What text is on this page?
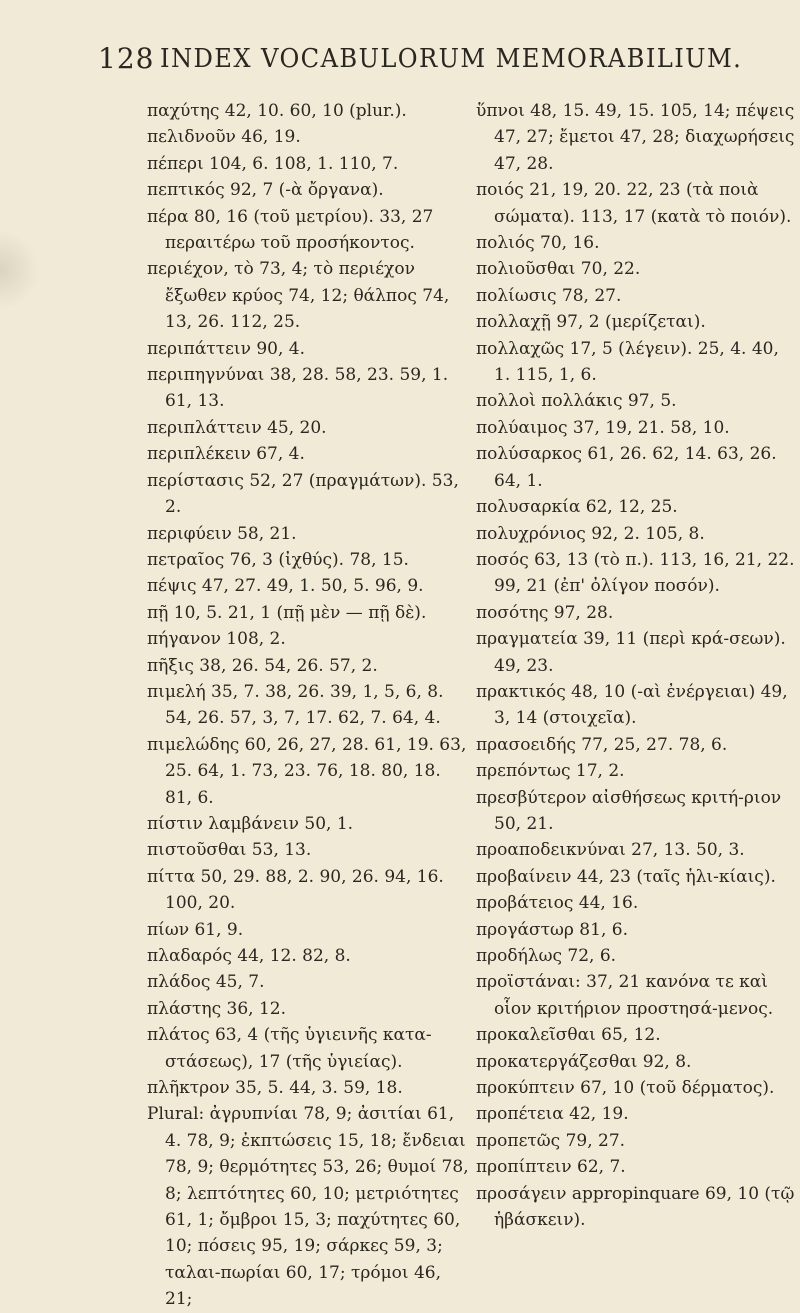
128 INDEX VOCABULORUM MEMORABILIUM.
παχύτης 42, 10. 60, 10 (plur.).
πελιδνοῦν 46, 19.
πέπερι 104, 6. 108, 1. 110, 7.
πεπτικός 92, 7 (-ὰ ὄργανα).
πέρα 80, 16 (τοῦ μετρίου). 33, 27 περαιτέρω τοῦ προσήκοντος.
περιέχον, τὸ 73, 4; τὸ περιέχον ἔξωθεν κρύος 74, 12; θάλπος 74, 13, 26. 112, 25.
περιπάττειν 90, 4.
περιπηγνύναι 38, 28. 58, 23. 59, 1. 61, 13.
περιπλάττειν 45, 20.
περιπλέκειν 67, 4.
περίστασις 52, 27 (πραγμάτων). 53, 2.
περιφύειν 58, 21.
πετραῖος 76, 3 (ἰχθύς). 78, 15.
πέψις 47, 27. 49, 1. 50, 5. 96, 9.
πῇ 10, 5. 21, 1 (πῇ μὲν — πῇ δὲ).
πήγανον 108, 2.
πῆξις 38, 26. 54, 26. 57, 2.
πιμελή 35, 7. 38, 26. 39, 1, 5, 6, 8. 54, 26. 57, 3, 7, 17. 62, 7. 64, 4.
πιμελώδης 60, 26, 27, 28. 61, 19. 63, 25. 64, 1. 73, 23. 76, 18. 80, 18. 81, 6.
πίστιν λαμβάνειν 50, 1.
πιστοῦσθαι 53, 13.
πίττα 50, 29. 88, 2. 90, 26. 94, 16. 100, 20.
πίων 61, 9.
πλαδαρός 44, 12. 82, 8.
πλάδος 45, 7.
πλάστης 36, 12.
πλάτος 63, 4 (τῆς ὑγιεινῆς κατα-στάσεως), 17 (τῆς ὑγιείας).
πλῆκτρον 35, 5. 44, 3. 59, 18.
Plural: ἀγρυπνίαι 78, 9; ἀσιτίαι 61, 4. 78, 9; ἐκπτώσεις 15, 18; ἔνδειαι 78, 9; θερμότητες 53, 26; θυμοί 78, 8; λεπτότητες 60, 10; μετριότητες 61, 1; ὄμβροι 15, 3; παχύτητες 60, 10; πόσεις 95, 19; σάρκες 59, 3; ταλαι-πωρίαι 60, 17; τρόμοι 46, 21;
ὕπνοι 48, 15. 49, 15. 105, 14; πέψεις 47, 27; ἔμετοι 47, 28; διαχωρήσεις 47, 28.
ποιός 21, 19, 20. 22, 23 (τὰ ποιὰ σώματα). 113, 17 (κατὰ τὸ ποιόν).
πολιός 70, 16.
πολιοῦσθαι 70, 22.
πολίωσις 78, 27.
πολλαχῇ 97, 2 (μερίζεται).
πολλαχῶς 17, 5 (λέγειν). 25, 4. 40, 1. 115, 1, 6.
πολλοὶ πολλάκις 97, 5.
πολύαιμος 37, 19, 21. 58, 10.
πολύσαρκος 61, 26. 62, 14. 63, 26. 64, 1.
πολυσαρκία 62, 12, 25.
πολυχρόνιος 92, 2. 105, 8.
ποσός 63, 13 (τὸ π.). 113, 16, 21, 22. 99, 21 (ἐπ' ὀλίγον ποσόν).
ποσότης 97, 28.
πραγματεία 39, 11 (περὶ κρά-σεων). 49, 23.
πρακτικός 48, 10 (-αὶ ἐνέργειαι) 49, 3, 14 (στοιχεῖα).
πρασοειδής 77, 25, 27. 78, 6.
πρεπόντως 17, 2.
πρεσβύτερον αἰσθήσεως κριτή-ριον 50, 21.
προαποδεικνύναι 27, 13. 50, 3.
προβαίνειν 44, 23 (ταῖς ἡλι-κίαις).
προβάτειος 44, 16.
προγάστωρ 81, 6.
προδήλως 72, 6.
προϊστάναι: 37, 21 κανόνα τε καὶ οἷον κριτήριον προστησά-μενος.
προκαλεῖσθαι 65, 12.
προκατεργάζεσθαι 92, 8.
προκύπτειν 67, 10 (τοῦ δέρματος).
προπέτεια 42, 19.
προπετῶς 79, 27.
προπίπτειν 62, 7.
προσάγειν appropinquare 69, 10 (τῷ ἡβάσκειν).
